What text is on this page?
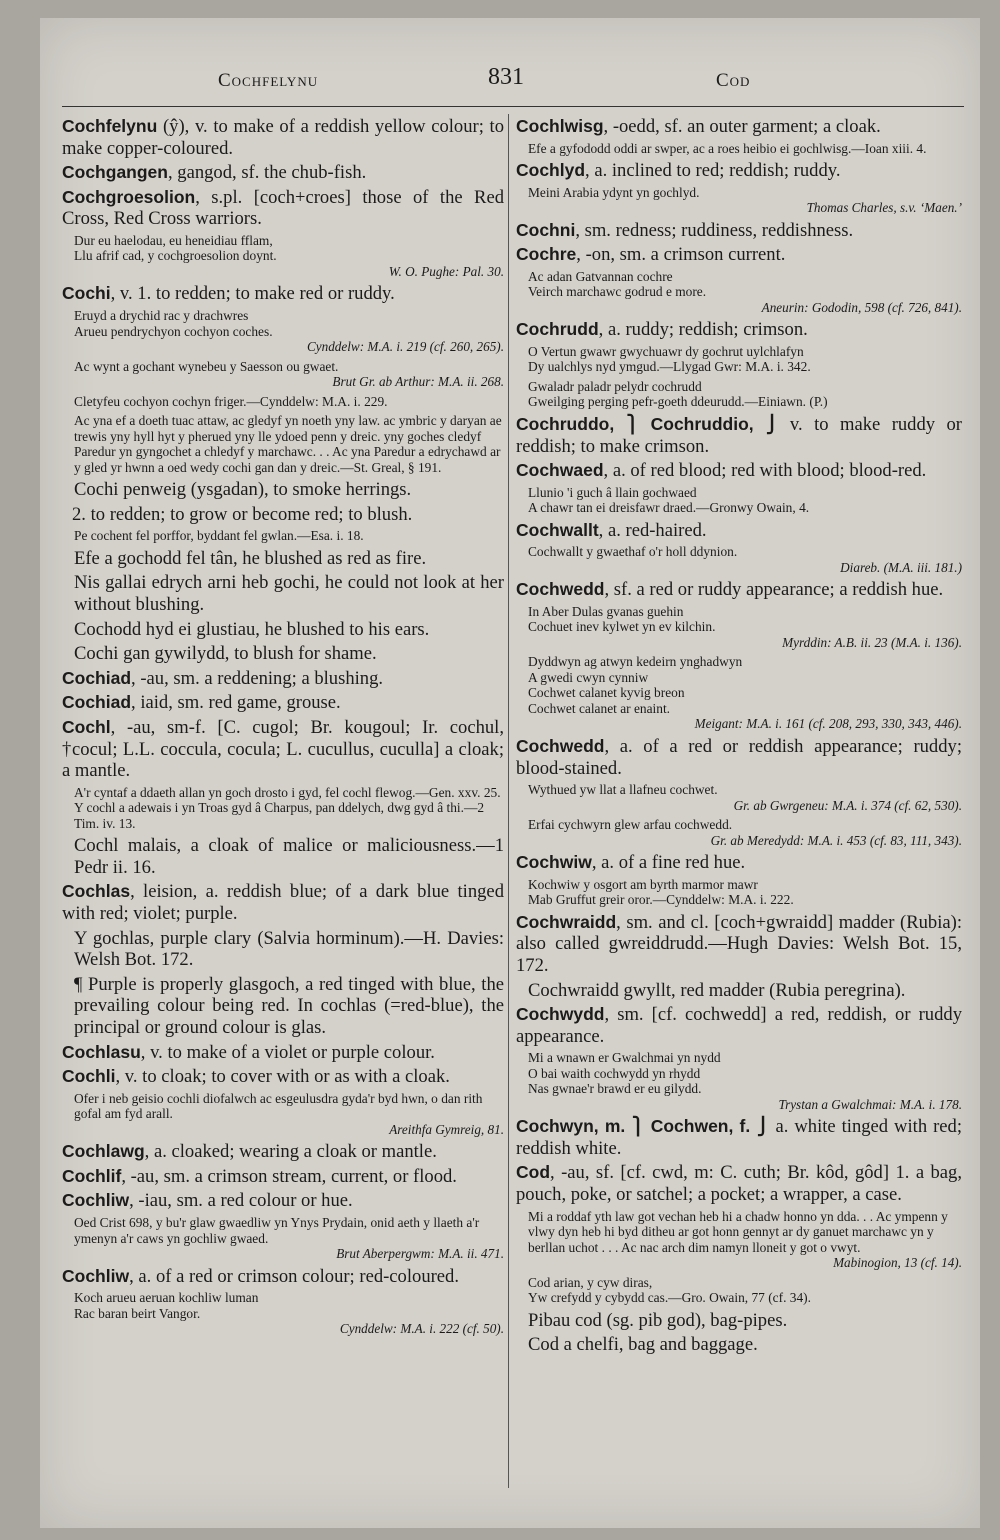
Cochfelynu	831	Cod
Cochfelynu (ŷ), v. to make of a reddish yellow colour; to make copper-coloured.
Cochgangen, gangod, sf. the chub-fish.
Cochgroesolion, s.pl. [coch+croes] those of the Red Cross, Red Cross warriors.
Dur eu haelodau, eu heneidiau fflam,
Llu afrif cad, y cochgroesolion doynt.
W. O. Pughe: Pal. 30.
Cochi, v. 1. to redden; to make red or ruddy.
Eruyd a drychid rac y drachwres
Arueu pendrychyon cochyon coches.
Cynddelw: M.A. i. 219 (cf. 260, 265).
Ac wynt a gochant wynebeu y Saesson ou gwaet.
Brut Gr. ab Arthur: M.A. ii. 268.
Cletyfeu cochyon cochyn friger.—Cynddelw: M.A. i. 229.
Ac yna ef a doeth tuac attaw, ac gledyf yn noeth yny law. ac ymbric y daryan ae trewis yny hyll hyt y pherued yny lle ydoed penn y dreic. yny goches cledyf Paredur yn gyngochet a chledyf y marchawc. . . Ac yna Paredur a edrychawd ar y gled yr hwnn a oed wedy cochi gan dan y dreic.—St. Greal, § 191.
Cochi penweig (ysgadan), to smoke herrings.
2. to redden; to grow or become red; to blush.
Pe cochent fel porffor, byddant fel gwlan.—Esa. i. 18.
Efe a gochodd fel tân, he blushed as red as fire.
Nis gallai edrych arni heb gochi, he could not look at her without blushing.
Cochodd hyd ei glustiau, he blushed to his ears.
Cochi gan gywilydd, to blush for shame.
Cochiad, -au, sm. a reddening; a blushing.
Cochiad, iaid, sm. red game, grouse.
Cochl, -au, sm-f. [C. cugol; Br. kougoul; Ir. cochul, †cocul; L.L. coccula, cocula; L. cucullus, cuculla] a cloak; a mantle.
A'r cyntaf a ddaeth allan yn goch drosto i gyd, fel cochl flewog.—Gen. xxv. 25.
Y cochl a adewais i yn Troas gyd â Charpus, pan ddelych, dwg gyd â thi.—2 Tim. iv. 13.
Cochl malais, a cloak of malice or maliciousness.—1 Pedr ii. 16.
Cochlas, leision, a. reddish blue; of a dark blue tinged with red; violet; purple.
Y gochlas, purple clary (Salvia horminum).—H. Davies: Welsh Bot. 172.
¶ Purple is properly glasgoch, a red tinged with blue, the prevailing colour being red. In cochlas (=red-blue), the principal or ground colour is glas.
Cochlasu, v. to make of a violet or purple colour.
Cochli, v. to cloak; to cover with or as with a cloak.
Ofer i neb geisio cochli diofalwch ac esgeulusdra gyda'r byd hwn, o dan rith gofal am fyd arall.
Areithfa Gymreig, 81.
Cochlawg, a. cloaked; wearing a cloak or mantle.
Cochlif, -au, sm. a crimson stream, current, or flood.
Cochliw, -iau, sm. a red colour or hue.
Oed Crist 698, y bu'r glaw gwaedliw yn Ynys Prydain, onid aeth y llaeth a'r ymenyn a'r caws yn gochliw gwaed.
Brut Aberpergwm: M.A. ii. 471.
Cochliw, a. of a red or crimson colour; red-coloured.
Koch arueu aeruan kochliw luman
Rac baran beirt Vangor.
Cynddelw: M.A. i. 222 (cf. 50).
Cochlwisg, -oedd, sf. an outer garment; a cloak.
Efe a gyfododd oddi ar swper, ac a roes heibio ei gochlwisg.—Ioan xiii. 4.
Cochlyd, a. inclined to red; reddish; ruddy.
Meini Arabia ydynt yn gochlyd.
Thomas Charles, s.v. ‘Maen.’
Cochni, sm. redness; ruddiness, reddishness.
Cochre, -on, sm. a crimson current.
Ac adan Gatvannan cochre
Veirch marchawc godrud e more.
Aneurin: Gododin, 598 (cf. 726, 841).
Cochrudd, a. ruddy; reddish; crimson.
O Vertun gwawr gwychuawr dy gochrut uylchlafyn
Dy ualchlys nyd ymgud.—Llygad Gwr: M.A. i. 342.
Gwaladr paladr pelydr cochrudd
Gweilging perging pefr-goeth ddeurudd.—Einiawn. (P.)
Cochruddo, ⎫ Cochruddio, ⎭ v. to make ruddy or reddish; to make crimson.
Cochwaed, a. of red blood; red with blood; blood-red.
Llunio 'i guch â llain gochwaed
A chawr tan ei dreisfawr draed.—Gronwy Owain, 4.
Cochwallt, a. red-haired.
Cochwallt y gwaethaf o'r holl ddynion.
Diareb. (M.A. iii. 181.)
Cochwedd, sf. a red or ruddy appearance; a reddish hue.
In Aber Dulas gvanas guehin
Cochuet inev kylwet yn ev kilchin.
Myrddin: A.B. ii. 23 (M.A. i. 136).
Dyddwyn ag atwyn kedeirn ynghadwyn
A gwedi cwyn cynniw
Cochwet calanet kyvig breon
Cochwet calanet ar enaint.
Meigant: M.A. i. 161 (cf. 208, 293, 330, 343, 446).
Cochwedd, a. of a red or reddish appearance; ruddy; blood-stained.
Wythued yw llat a llafneu cochwet.
Gr. ab Gwrgeneu: M.A. i. 374 (cf. 62, 530).
Erfai cychwyrn glew arfau cochwedd.
Gr. ab Meredydd: M.A. i. 453 (cf. 83, 111, 343).
Cochwiw, a. of a fine red hue.
Kochwiw y osgort am byrth marmor mawr
Mab Gruffut greir oror.—Cynddelw: M.A. i. 222.
Cochwraidd, sm. and cl. [coch+gwraidd] madder (Rubia): also called gwreiddrudd.—Hugh Davies: Welsh Bot. 15, 172.
Cochwraidd gwyllt, red madder (Rubia peregrina).
Cochwydd, sm. [cf. cochwedd] a red, reddish, or ruddy appearance.
Mi a wnawn er Gwalchmai yn nydd
O bai waith cochwydd yn rhydd
Nas gwnae'r brawd er eu gilydd.
Trystan a Gwalchmai: M.A. i. 178.
Cochwyn, m. ⎫ Cochwen, f. ⎭ a. white tinged with red; reddish white.
Cod, -au, sf. [cf. cwd, m: C. cuth; Br. kôd, gôd] 1. a bag, pouch, poke, or satchel; a pocket; a wrapper, a case.
Mi a roddaf yth law got vechan heb hi a chadw honno yn dda. . . Ac ympenn y vlwy dyn heb hi byd ditheu ar got honn gennyt ar dy ganuet marchawc yn y berllan uchot . . . Ac nac arch dim namyn lloneit y got o vwyt.
Mabinogion, 13 (cf. 14).
Cod arian, y cyw diras,
Yw crefydd y cybydd cas.—Gro. Owain, 77 (cf. 34).
Pibau cod (sg. pib god), bag-pipes.
Cod a chelfi, bag and baggage.
